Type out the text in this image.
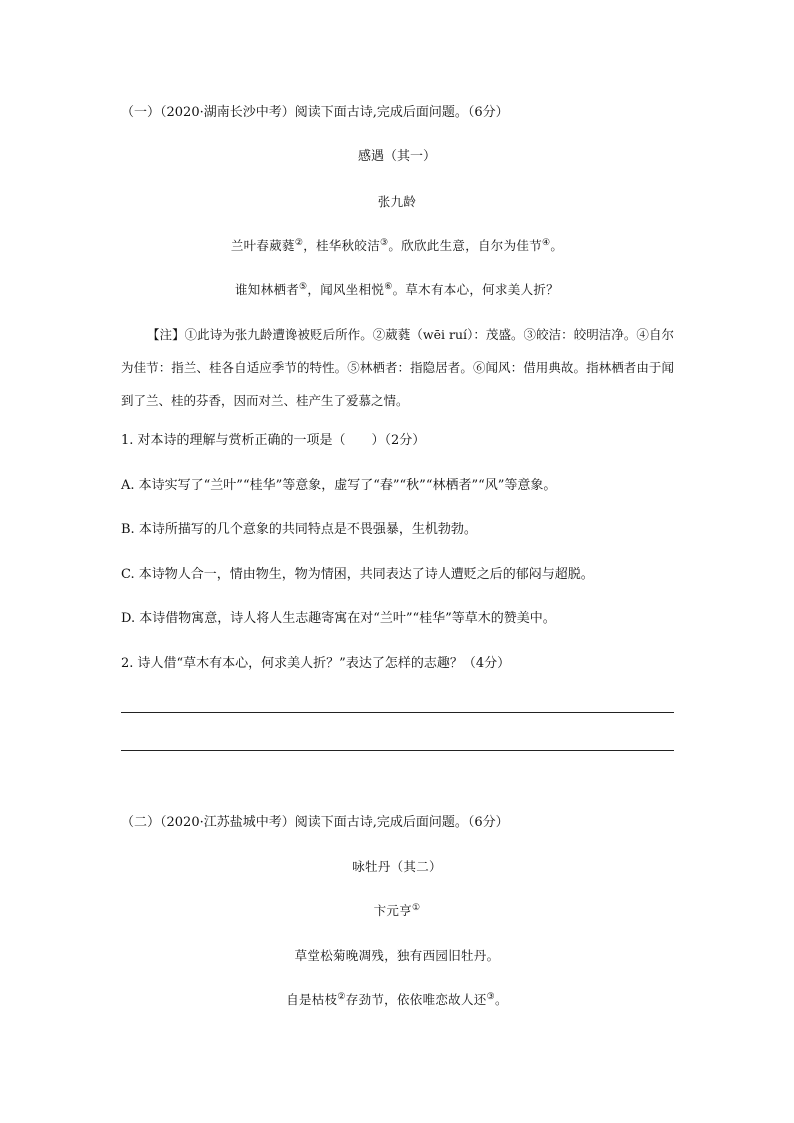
（一）（2020·湖南长沙中考）阅读下面古诗,完成后面问题。（6分）
感遇（其一）
张九龄
兰叶春葳蕤②，桂华秋皎洁③。欣欣此生意，自尔为佳节④。
谁知林栖者⑤，闻风坐相悦⑥。草木有本心，何求美人折？
【注】①此诗为张九龄遭谗被贬后所作。②葳蕤（wēi ruí）：茂盛。③皎洁：皎明洁净。④自尔为佳节：指兰、桂各自适应季节的特性。⑤林栖者：指隐居者。⑥闻风：借用典故。指林栖者由于闻到了兰、桂的芬香，因而对兰、桂产生了爱慕之情。
1. 对本诗的理解与赏析正确的一项是（　　）（2分）
A. 本诗实写了“兰叶”“桂华”等意象，虚写了“春”“秋”“林栖者”“风”等意象。
B. 本诗所描写的几个意象的共同特点是不畏强暴，生机勃勃。
C. 本诗物人合一，情由物生，物为情困，共同表达了诗人遭贬之后的郁闷与超脱。
D. 本诗借物寓意，诗人将人生志趣寄寓在对“兰叶”“桂华”等草木的赞美中。
2. 诗人借“草木有本心，何求美人折？”表达了怎样的志趣？（4分）
（二）（2020·江苏盐城中考）阅读下面古诗,完成后面问题。（6分）
咏牡丹（其二）
卞元亨①
草堂松菊晚凋残，独有西园旧牡丹。
自是枯枝②存劲节，依依唯恋故人还③。
